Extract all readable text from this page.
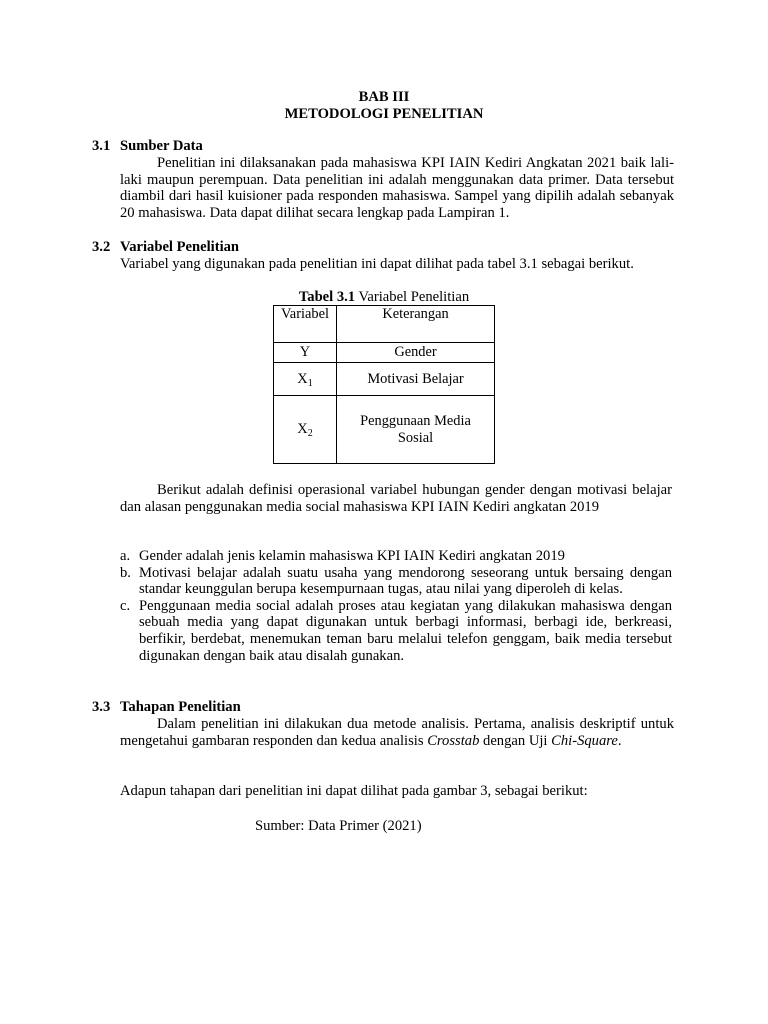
BAB III
METODOLOGI PENELITIAN
3.1 Sumber Data
Penelitian ini dilaksanakan pada mahasiswa KPI IAIN Kediri Angkatan 2021 baik lali-laki maupun perempuan. Data penelitian ini adalah menggunakan data primer. Data tersebut diambil dari hasil kuisioner pada responden mahasiswa. Sampel yang dipilih adalah sebanyak 20 mahasiswa. Data dapat dilihat secara lengkap pada Lampiran 1.
3.2 Variabel Penelitian
Variabel yang digunakan pada penelitian ini dapat dilihat pada tabel 3.1 sebagai berikut.
Tabel 3.1 Variabel Penelitian
Variabel	Keterangan
Y	Gender
$X_1$	Motivasi Belajar
$X_2$	Penggunaan Media Sosial
Berikut adalah definisi operasional variabel hubungan gender dengan motivasi belajar dan alasan penggunakan media social mahasiswa KPI IAIN Kediri angkatan 2019
a. Gender adalah jenis kelamin mahasiswa KPI IAIN Kediri angkatan 2019
b. Motivasi belajar adalah suatu usaha yang mendorong seseorang untuk bersaing dengan standar keunggulan berupa kesempurnaan tugas, atau nilai yang diperoleh di kelas.
c. Penggunaan media social adalah proses atau kegiatan yang dilakukan mahasiswa dengan sebuah media yang dapat digunakan untuk berbagi informasi, berbagi ide, berkreasi, berfikir, berdebat, menemukan teman baru melalui telefon genggam, baik media tersebut digunakan dengan baik atau disalah gunakan.
3.3 Tahapan Penelitian
Dalam penelitian ini dilakukan dua metode analisis. Pertama, analisis deskriptif untuk mengetahui gambaran responden dan kedua analisis Crosstab dengan Uji Chi-Square.
Adapun tahapan dari penelitian ini dapat dilihat pada gambar 3, sebagai berikut:
Sumber: Data Primer (2021)
